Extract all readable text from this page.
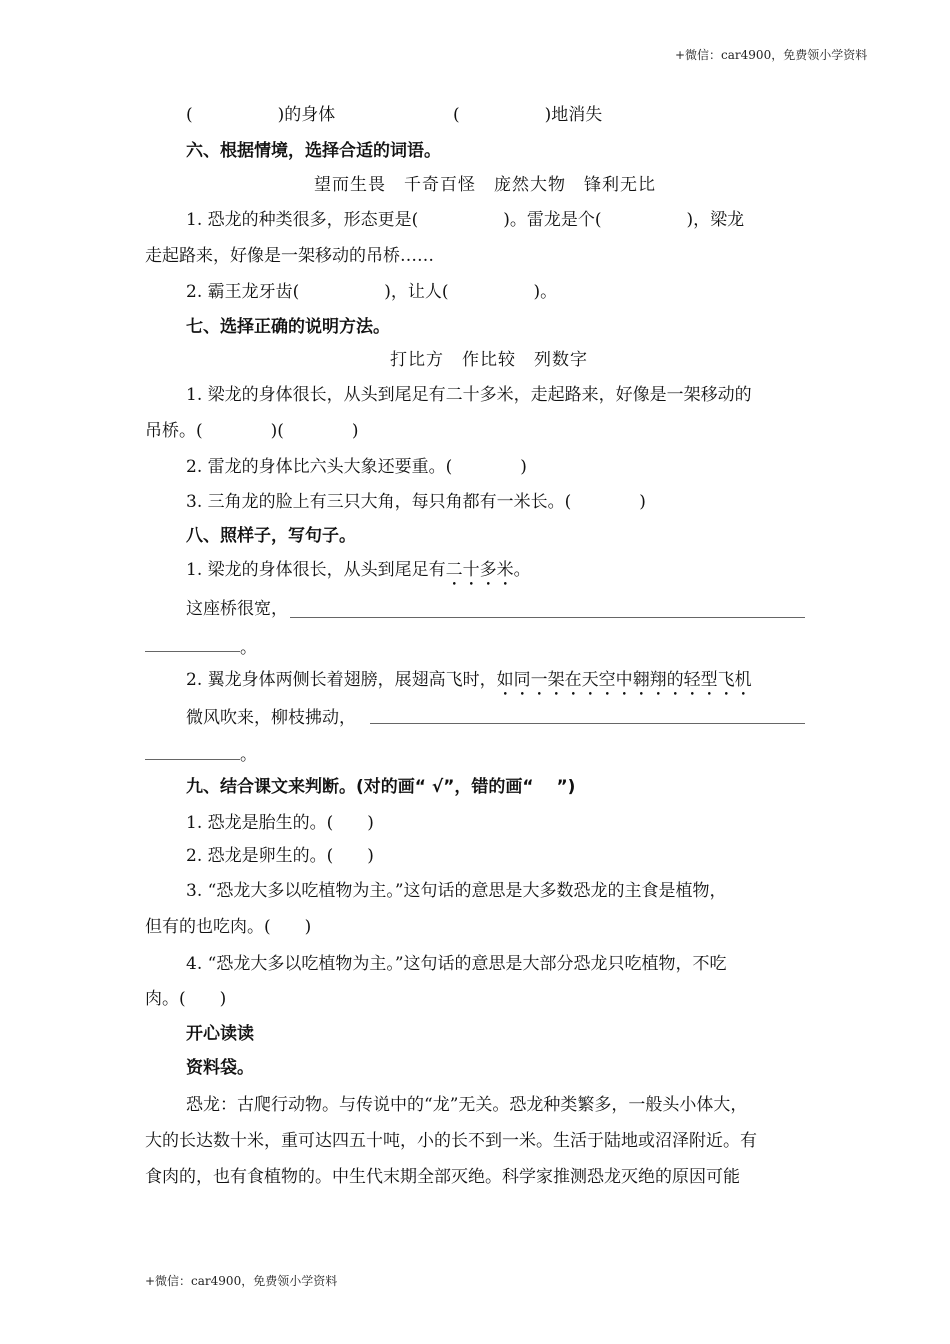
+微信：car4900，免费领小学资料
(　　　　　)的身体	(　　　　　)地消失
六、根据情境，选择合适的词语。
望而生畏　千奇百怪　庞然大物　锋利无比
1. 恐龙的种类很多，形态更是(　　　　　)。雷龙是个(　　　　　)，梁龙
走起路来，好像是一架移动的吊桥……
2. 霸王龙牙齿(　　　　　)，让人(　　　　　)。
七、选择正确的说明方法。
打比方　作比较　列数字
1. 梁龙的身体很长，从头到尾足有二十多米，走起路来，好像是一架移动的
吊桥。(　　　　)(　　　　)
2. 雷龙的身体比六头大象还要重。(　　　　)
3. 三角龙的脸上有三只大角，每只角都有一米长。(　　　　)
八、照样子，写句子。
1. 梁龙的身体很长，从头到尾足有二十多米。
这座桥很宽，
。
2. 翼龙身体两侧长着翅膀，展翅高飞时，如同一架在天空中翱翔的轻型飞机
微风吹来，柳枝拂动，
。
九、结合课文来判断。(对的画“ √”，错的画“　 ”)
1. 恐龙是胎生的。(　　)
2. 恐龙是卵生的。(　　)
3. “恐龙大多以吃植物为主。”这句话的意思是大多数恐龙的主食是植物，
但有的也吃肉。(　　)
4. “恐龙大多以吃植物为主。”这句话的意思是大部分恐龙只吃植物，不吃
肉。(　　)
开心读读
资料袋。
恐龙：古爬行动物。与传说中的“龙”无关。恐龙种类繁多，一般头小体大，
大的长达数十米，重可达四五十吨，小的长不到一米。生活于陆地或沼泽附近。有
食肉的，也有食植物的。中生代末期全部灭绝。科学家推测恐龙灭绝的原因可能
+微信：car4900，免费领小学资料
